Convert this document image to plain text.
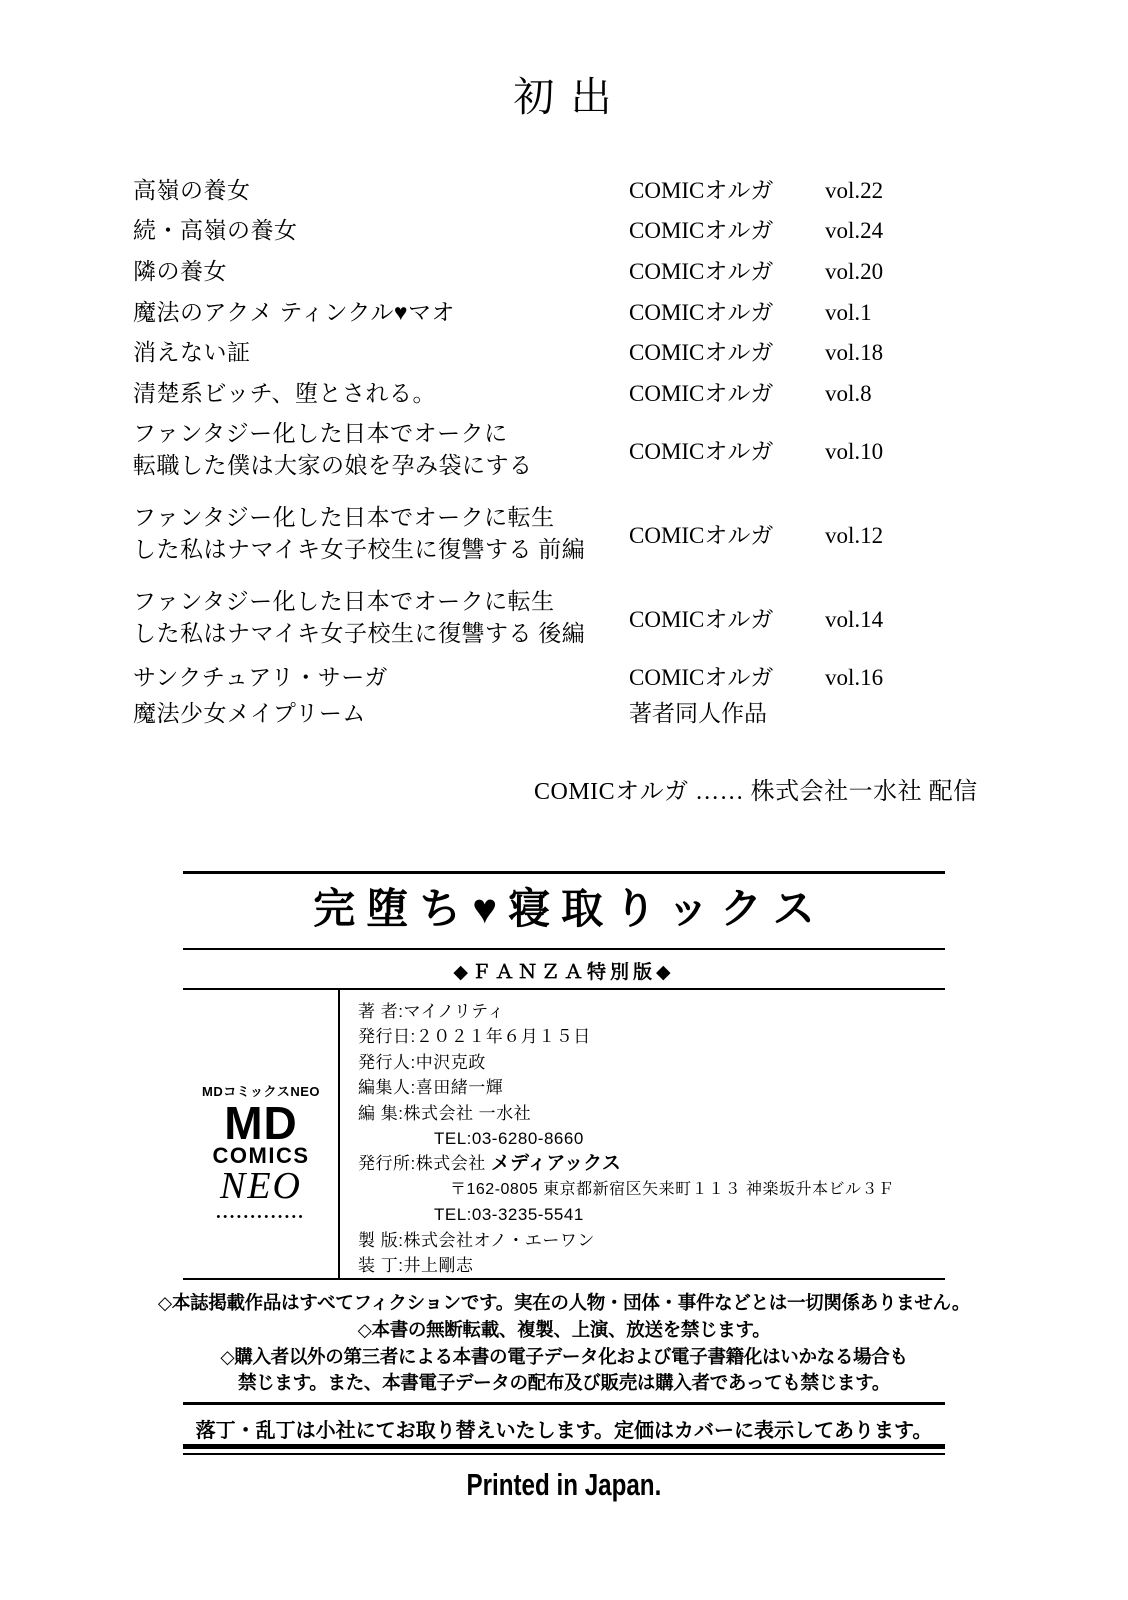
初 出
高嶺の養女	COMICオルガ	vol.22
続・高嶺の養女	COMICオルガ	vol.24
隣の養女	COMICオルガ	vol.20
魔法のアクメ ティンクル♥マオ	COMICオルガ	vol.1
消えない証	COMICオルガ	vol.18
清楚系ビッチ、堕とされる。	COMICオルガ	vol.8
ファンタジー化した日本でオークに
転職した僕は大家の娘を孕み袋にする
COMICオルガ	vol.10
ファンタジー化した日本でオークに転生
した私はナマイキ女子校生に復讐する 前編
COMICオルガ	vol.12
ファンタジー化した日本でオークに転生
した私はナマイキ女子校生に復讐する 後編
COMICオルガ	vol.14
サンクチュアリ・サーガ	COMICオルガ	vol.16
魔法少女メイプリーム	著者同人作品
COMICオルガ …… 株式会社一水社 配信
完堕ち♥寝取りックス
◆ＦＡＮＺＡ特別版◆
MDコミックスNEO
MD
COMICS
NEO
•••••••••••••
著 者:マイノリティ
発行日:２０２１年６月１５日
発行人:中沢克政
編集人:喜田緒一輝
編 集:株式会社 一水社
TEL:03-6280-8660
発行所:株式会社 メディアックス
〒162-0805 東京都新宿区矢来町１１３ 神楽坂升本ビル３Ｆ
TEL:03-3235-5541
製 版:株式会社オノ・エーワン
装 丁:井上剛志
◇本誌掲載作品はすべてフィクションです。実在の人物・団体・事件などとは一切関係ありません。
◇本書の無断転載、複製、上演、放送を禁じます。
◇購入者以外の第三者による本書の電子データ化および電子書籍化はいかなる場合も
禁じます。また、本書電子データの配布及び販売は購入者であっても禁じます。
落丁・乱丁は小社にてお取り替えいたします。定価はカバーに表示してあります。
Printed in Japan.
